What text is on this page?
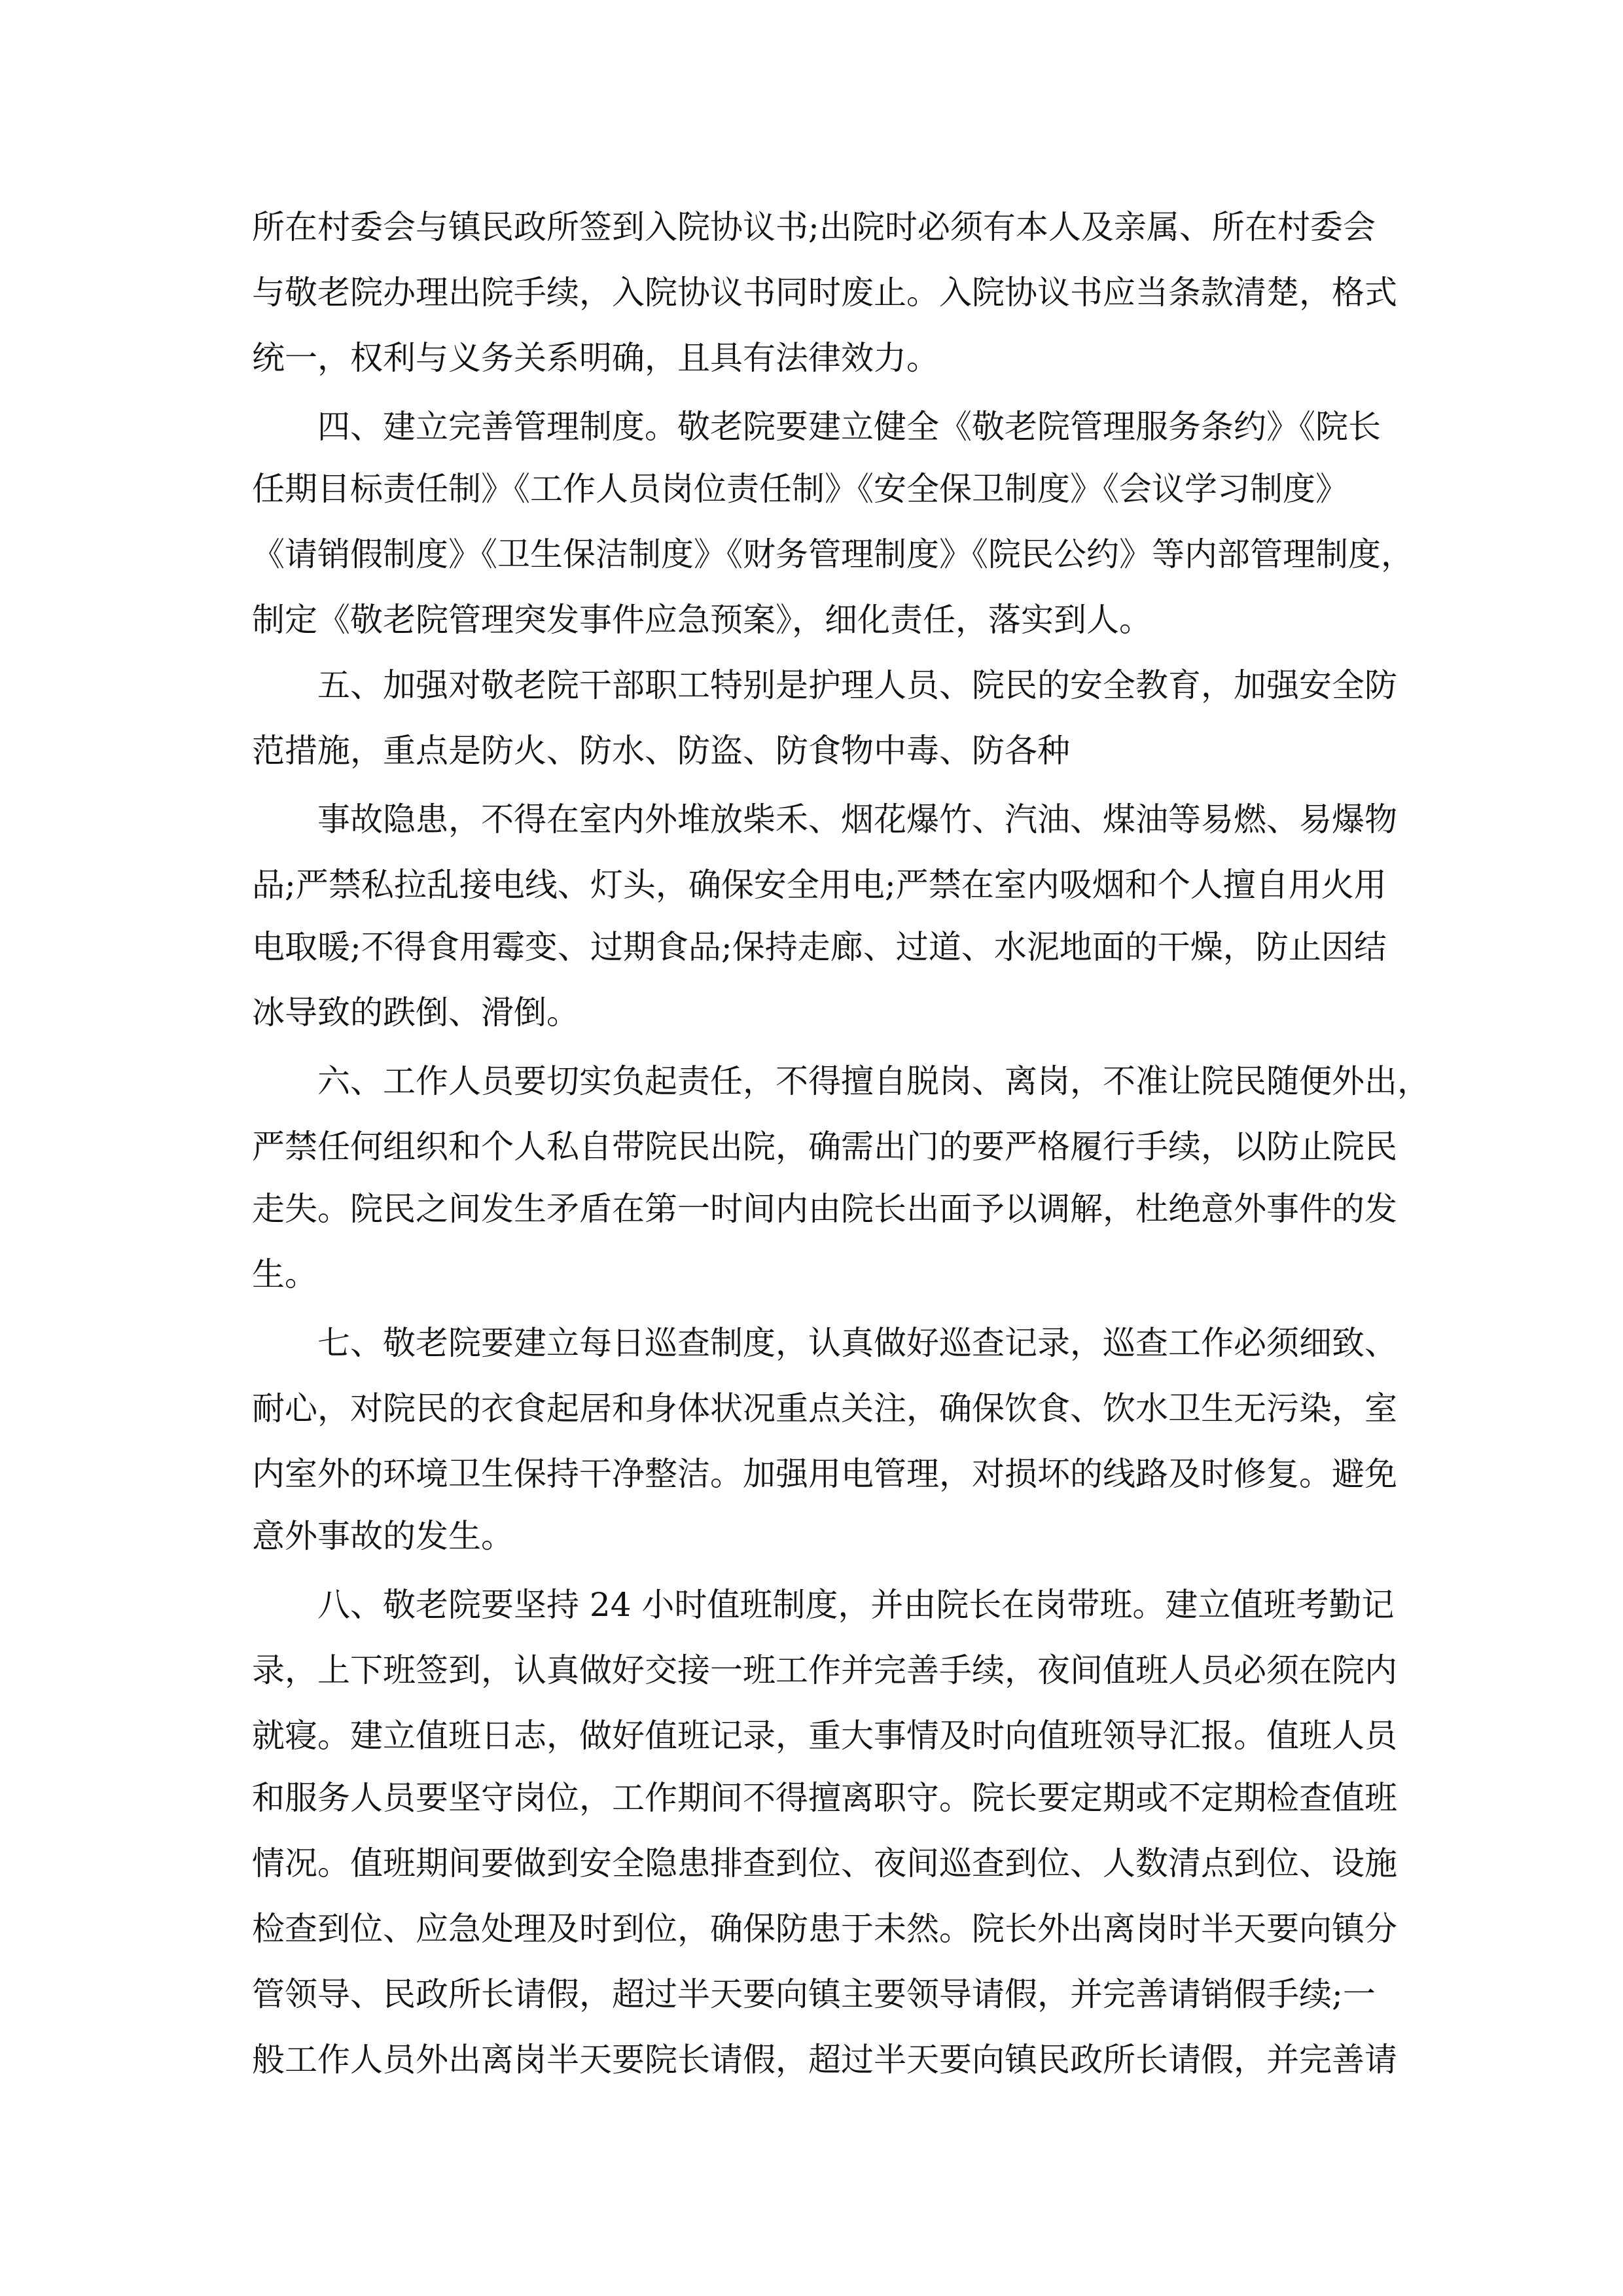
所在村委会与镇民政所签到入院协议书;出院时必须有本人及亲属、所在村委会
与敬老院办理出院手续，入院协议书同时废止。入院协议书应当条款清楚，格式
统一，权利与义务关系明确，且具有法律效力。
四、建立完善管理制度。敬老院要建立健全《敬老院管理服务条约》《院长
任期目标责任制》《工作人员岗位责任制》《安全保卫制度》《会议学习制度》
《请销假制度》《卫生保洁制度》《财务管理制度》《院民公约》等内部管理制度，
制定《敬老院管理突发事件应急预案》，细化责任，落实到人。
五、加强对敬老院干部职工特别是护理人员、院民的安全教育，加强安全防
范措施，重点是防火、防水、防盗、防食物中毒、防各种
事故隐患，不得在室内外堆放柴禾、烟花爆竹、汽油、煤油等易燃、易爆物
品;严禁私拉乱接电线、灯头，确保安全用电;严禁在室内吸烟和个人擅自用火用
电取暖;不得食用霉变、过期食品;保持走廊、过道、水泥地面的干燥，防止因结
冰导致的跌倒、滑倒。
六、工作人员要切实负起责任，不得擅自脱岗、离岗，不准让院民随便外出，
严禁任何组织和个人私自带院民出院，确需出门的要严格履行手续，以防止院民
走失。院民之间发生矛盾在第一时间内由院长出面予以调解，杜绝意外事件的发
生。
七、敬老院要建立每日巡查制度，认真做好巡查记录，巡查工作必须细致、
耐心，对院民的衣食起居和身体状况重点关注，确保饮食、饮水卫生无污染，室
内室外的环境卫生保持干净整洁。加强用电管理，对损坏的线路及时修复。避免
意外事故的发生。
八、敬老院要坚持 24 小时值班制度，并由院长在岗带班。建立值班考勤记
录，上下班签到，认真做好交接一班工作并完善手续，夜间值班人员必须在院内
就寝。建立值班日志，做好值班记录，重大事情及时向值班领导汇报。值班人员
和服务人员要坚守岗位，工作期间不得擅离职守。院长要定期或不定期检查值班
情况。值班期间要做到安全隐患排查到位、夜间巡查到位、人数清点到位、设施
检查到位、应急处理及时到位，确保防患于未然。院长外出离岗时半天要向镇分
管领导、民政所长请假，超过半天要向镇主要领导请假，并完善请销假手续;一
般工作人员外出离岗半天要院长请假，超过半天要向镇民政所长请假，并完善请
